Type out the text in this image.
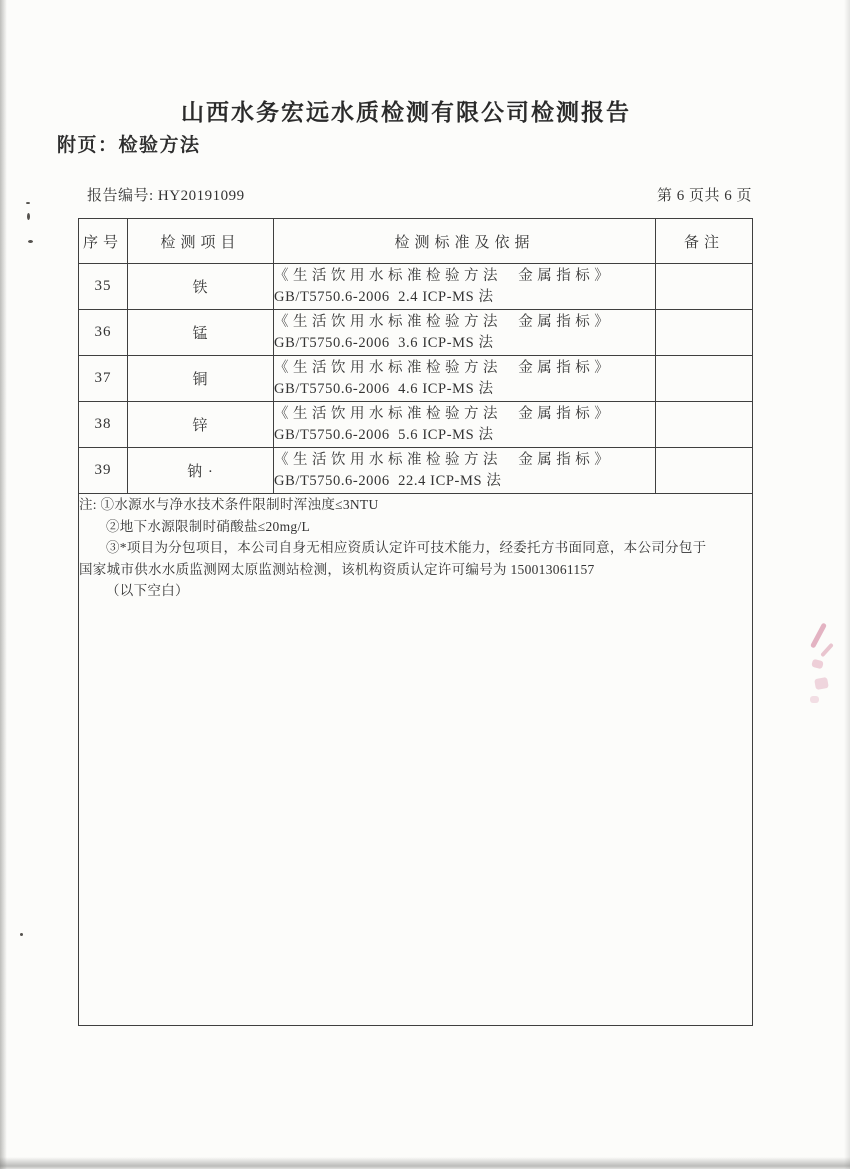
山西水务宏远水质检测有限公司检测报告
附页：检验方法
报告编号: HY20191099	第 6 页共 6 页
序号	检测项目	检测标准及依据	备注
35	铁	《生活饮用水标准检验方法  金属指标》
GB/T5750.6-2006  2.4 ICP-MS 法	

36	锰	《生活饮用水标准检验方法  金属指标》
GB/T5750.6-2006  3.6 ICP-MS 法	

37	铜	《生活饮用水标准检验方法  金属指标》
GB/T5750.6-2006  4.6 ICP-MS 法	

38	锌	《生活饮用水标准检验方法  金属指标》
GB/T5750.6-2006  5.6 ICP-MS 法	

39	钠 ·	《生活饮用水标准检验方法  金属指标》
GB/T5750.6-2006  22.4 ICP-MS 法	

注: ①水源水与净水技术条件限制时浑浊度≤3NTU
②地下水源限制时硝酸盐≤20mg/L
③*项目为分包项目，本公司自身无相应资质认定许可技术能力，经委托方书面同意，本公司分包于
国家城市供水水质监测网太原监测站检测，该机构资质认定许可编号为 150013061157
（以下空白）			
